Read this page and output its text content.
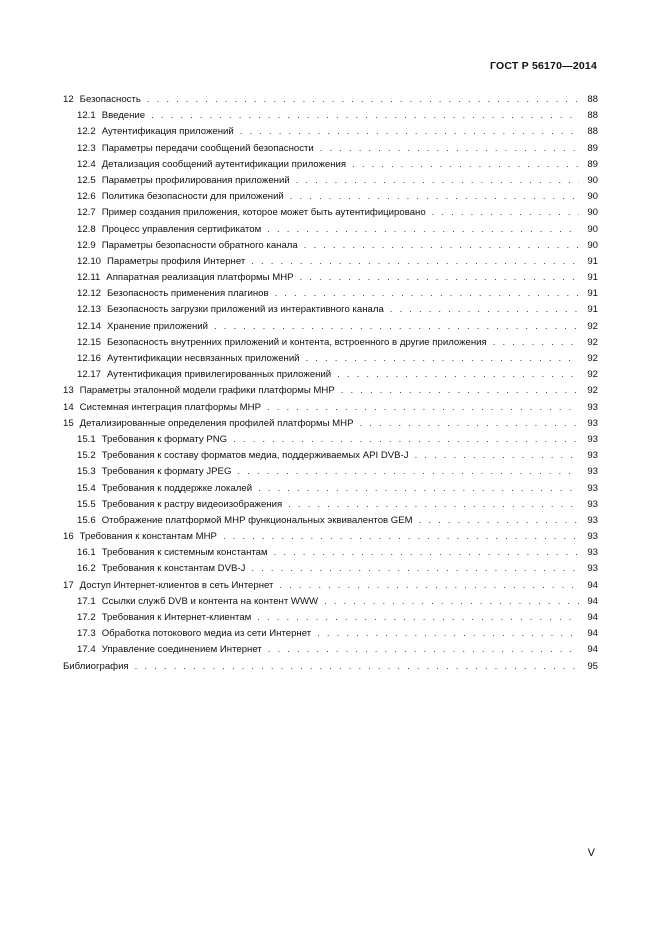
ГОСТ Р 56170—2014
12 Безопасность . . .	88
12.1 Введение . . .	88
12.2 Аутентификация приложений . . .	88
12.3 Параметры передачи сообщений безопасности . . .	89
12.4 Детализация сообщений аутентификации приложения . . .	89
12.5 Параметры профилирования приложений . . .	90
12.6 Политика безопасности для приложений . . .	90
12.7 Пример создания приложения, которое может быть аутентифицировано . . .	90
12.8 Процесс управления сертификатом . . .	90
12.9 Параметры безопасности обратного канала . . .	90
12.10 Параметры профиля Интернет . . .	91
12.11 Аппаратная реализация платформы МНР . . .	91
12.12 Безопасность применения плагинов . . .	91
12.13 Безопасность загрузки приложений из интерактивного канала . . .	91
12.14 Хранение приложений . . .	92
12.15 Безопасность внутренних приложений и контента, встроенного в другие приложения . . .	92
12.16 Аутентификации несвязанных приложений . . .	92
12.17 Аутентификация привилегированных приложений . . .	92
13 Параметры эталонной модели графики платформы МНР . . .	92
14 Системная интеграция платформы МНР . . .	93
15 Детализированные определения профилей платформы МНР . . .	93
15.1 Требования к формату PNG . . .	93
15.2 Требования к составу форматов медиа, поддерживаемых API DVB-J . . .	93
15.3 Требования к формату JPEG . . .	93
15.4 Требования к поддержке локалей . . .	93
15.5 Требования к растру видеоизображения . . .	93
15.6 Отображение платформой МНР функциональных эквивалентов GEM . . .	93
16 Требования к константам МНР . . .	93
16.1 Требования к системным константам . . .	93
16.2 Требования к константам DVB-J . . .	93
17 Доступ Интернет-клиентов в сеть Интернет . . .	94
17.1 Ссылки служб DVB и контента на контент WWW . . .	94
17.2 Требования к Интернет-клиентам . . .	94
17.3 Обработка потокового медиа из сети Интернет . . .	94
17.4 Управление соединением Интернет . . .	94
Библиография . . .	95
V
